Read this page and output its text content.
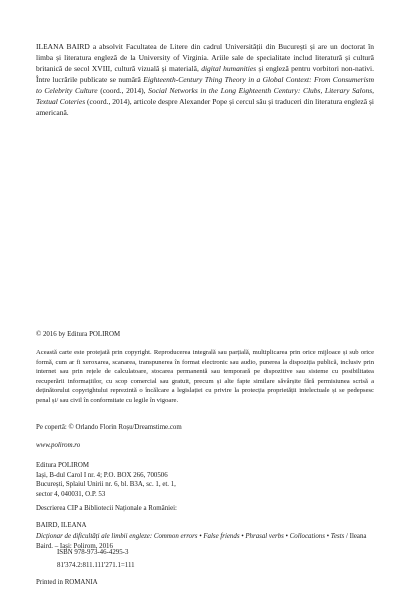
ILEANA BAIRD a absolvit Facultatea de Litere din cadrul Universității din București și are un doctorat în limba și literatura engleză de la University of Virginia. Ariile sale de specialitate includ literatură și cultură britanică de secol XVIII, cultură vizuală și materială, digital humanities și engleză pentru vorbitori non-nativi. Între lucrările publicate se numără Eighteenth-Century Thing Theory in a Global Context: From Consumerism to Celebrity Culture (coord., 2014), Social Networks in the Long Eighteenth Century: Clubs, Literary Salons, Textual Coteries (coord., 2014), articole despre Alexander Pope și cercul său și traduceri din literatura engleză și americană.
© 2016 by Editura POLIROM
Această carte este protejată prin copyright. Reproducerea integrală sau parțială, multiplicarea prin orice mijloace și sub orice formă, cum ar fi xeroxarea, scanarea, transpunerea în format electronic sau audio, punerea la dispoziția publică, inclusiv prin internet sau prin rețele de calculatoare, stocarea permanentă sau temporară pe dispozitive sau sisteme cu posibilitatea recuperării informațiilor, cu scop comercial sau gratuit, precum și alte fapte similare săvârșite fără permisiunea scrisă a deținătorului copyrightului reprezintă o încălcare a legislației cu privire la protecția proprietății intelectuale și se pedepsesc penal și/ sau civil în conformitate cu legile în vigoare.
Pe copertă: © Orlando Florin Roșu/Dreamstime.com
www.polirom.ro
Editura POLIROM
Iași, B-dul Carol I nr. 4; P.O. BOX 266, 700506
București, Splaiul Unirii nr. 6, bl. B3A, sc. 1, et. 1,
sector 4, 040031, O.P. 53
Descrierea CIP a Bibliotecii Naționale a României:
BAIRD, ILEANA
Dicționar de dificultăți ale limbii engleze: Common errors • False friends • Phrasal verbs • Collocations • Tests / Ileana Baird. – Iași: Polirom, 2016
ISBN 978-973-46-4295-3
81'374.2:811.111'271.1=111
Printed in ROMANIA
